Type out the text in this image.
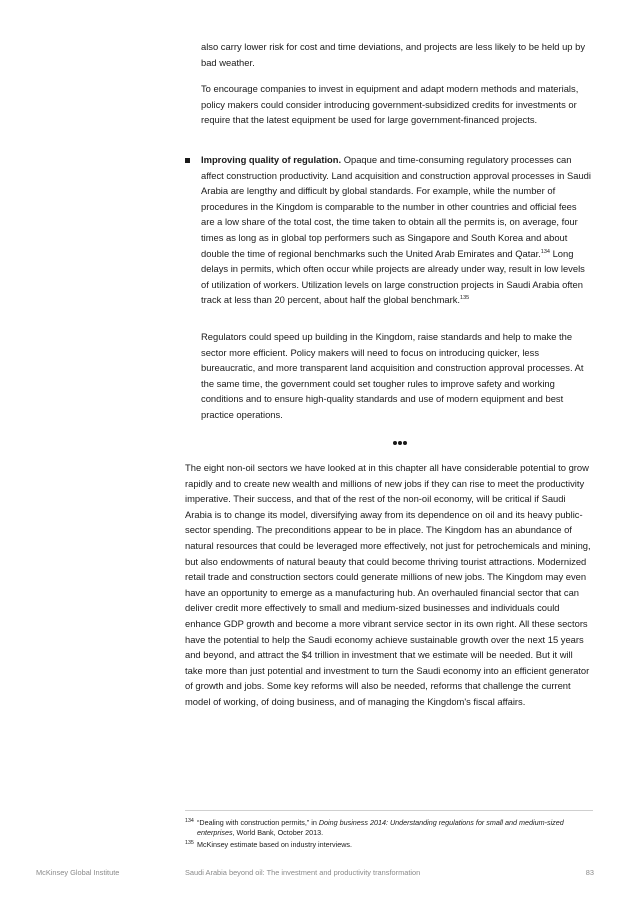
also carry lower risk for cost and time deviations, and projects are less likely to be held up by bad weather.

To encourage companies to invest in equipment and adapt modern methods and materials, policy makers could consider introducing government-subsidized credits for investments or require that the latest equipment be used for large government-financed projects.

Improving quality of regulation. Opaque and time-consuming regulatory processes can affect construction productivity. Land acquisition and construction approval processes in Saudi Arabia are lengthy and difficult by global standards. For example, while the number of procedures in the Kingdom is comparable to the number in other countries and official fees are a low share of the total cost, the time taken to obtain all the permits is, on average, four times as long as in global top performers such as Singapore and South Korea and about double the time of regional benchmarks such the United Arab Emirates and Qatar.$^{134}$ Long delays in permits, which often occur while projects are already under way, result in low levels of utilization of workers. Utilization levels on large construction projects in Saudi Arabia often track at less than 20 percent, about half the global benchmark.$^{135}$

Regulators could speed up building in the Kingdom, raise standards and help to make the sector more efficient. Policy makers will need to focus on introducing quicker, less bureaucratic, and more transparent land acquisition and construction approval processes. At the same time, the government could set tougher rules to improve safety and working conditions and to ensure high-quality standards and use of modern equipment and best practice operations.

The eight non-oil sectors we have looked at in this chapter all have considerable potential to grow rapidly and to create new wealth and millions of new jobs if they can rise to meet the productivity imperative. Their success, and that of the rest of the non-oil economy, will be critical if Saudi Arabia is to change its model, diversifying away from its dependence on oil and its heavy public-sector spending. The preconditions appear to be in place. The Kingdom has an abundance of natural resources that could be leveraged more effectively, not just for petrochemicals and mining, but also endowments of natural beauty that could become thriving tourist attractions. Modernized retail trade and construction sectors could generate millions of new jobs. The Kingdom may even have an opportunity to emerge as a manufacturing hub. An overhauled financial sector that can deliver credit more effectively to small and medium-sized businesses and individuals could enhance GDP growth and become a more vibrant service sector in its own right. All these sectors have the potential to help the Saudi economy achieve sustainable growth over the next 15 years and beyond, and attract the $4 trillion in investment that we estimate will be needed. But it will take more than just potential and investment to turn the Saudi economy into an efficient generator of growth and jobs. Some key reforms will also be needed, reforms that challenge the current model of working, of doing business, and of managing the Kingdom's fiscal affairs.

134 “Dealing with construction permits,” in Doing business 2014: Understanding regulations for small and medium-sized enterprises, World Bank, October 2013.
135 McKinsey estimate based on industry interviews.
McKinsey Global Institute	Saudi Arabia beyond oil: The investment and productivity transformation	83
